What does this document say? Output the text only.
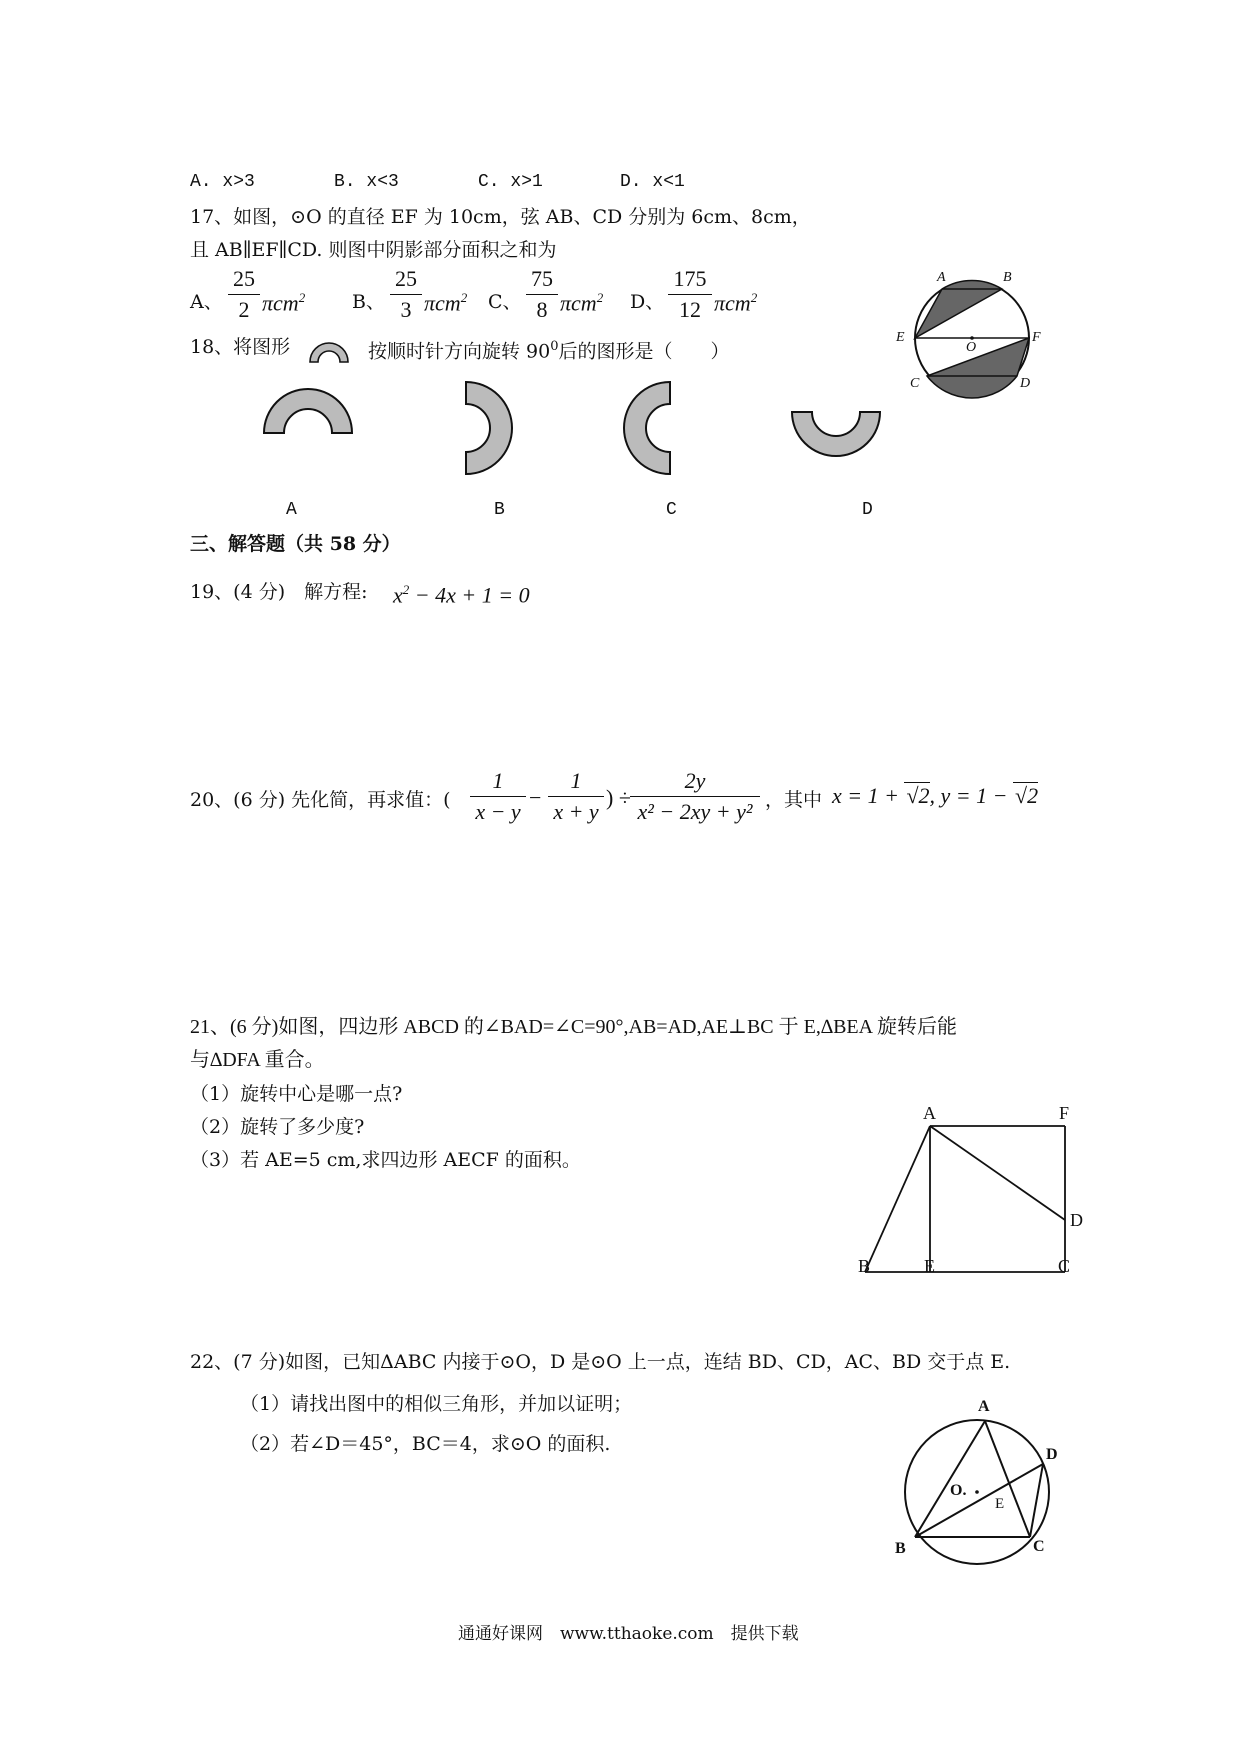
A. x>3	B. x<3	C. x>1	D. x<1
17、如图，⊙O 的直径 EF 为 10cm，弦 AB、CD 分别为 6cm、8cm，
且 AB∥EF∥CD. 则图中阴影部分面积之和为
A、
25
2 πcm$^2$ B、
25
3 πcm$^2$ C、
75
8 πcm$^2$ D、
175
12 πcm$^2$
A	B
E
O
F
C	D
18、将图形	按顺时针方向旋转 $90^0$后的图形是（　　）
A	B	C	D
三、解答题（共 58 分）
19、(4 分)　解方程: $x^2 - 4x + 1 = 0$
20、(6 分) 先化简，再求值：(
1
x − y
−
1
x + y
) ÷
2y
x² − 2xy + y² ，其中 x = 1 + √2, y = 1 − √2
21、(6 分)如图，四边形 ABCD 的∠BAD=∠C=90°,AB=AD,AE⊥BC 于 E,∆BEA 旋转后能
与∆DFA 重合。
（1）旋转中心是哪一点?
（2）旋转了多少度?
（3）若 AE=5 cm,求四边形 AECF 的面积。
A	F
D
B	E	C
22、(7 分)如图，已知ΔABC 内接于⊙O，D 是⊙O 上一点，连结 BD、CD，AC、BD 交于点 E.
（1）请找出图中的相似三角形，并加以证明；
（2）若∠D＝45°，BC＝4，求⊙O 的面积.
A
D
O.
E
B	C
通通好课网　www.tthaoke.com　提供下载
